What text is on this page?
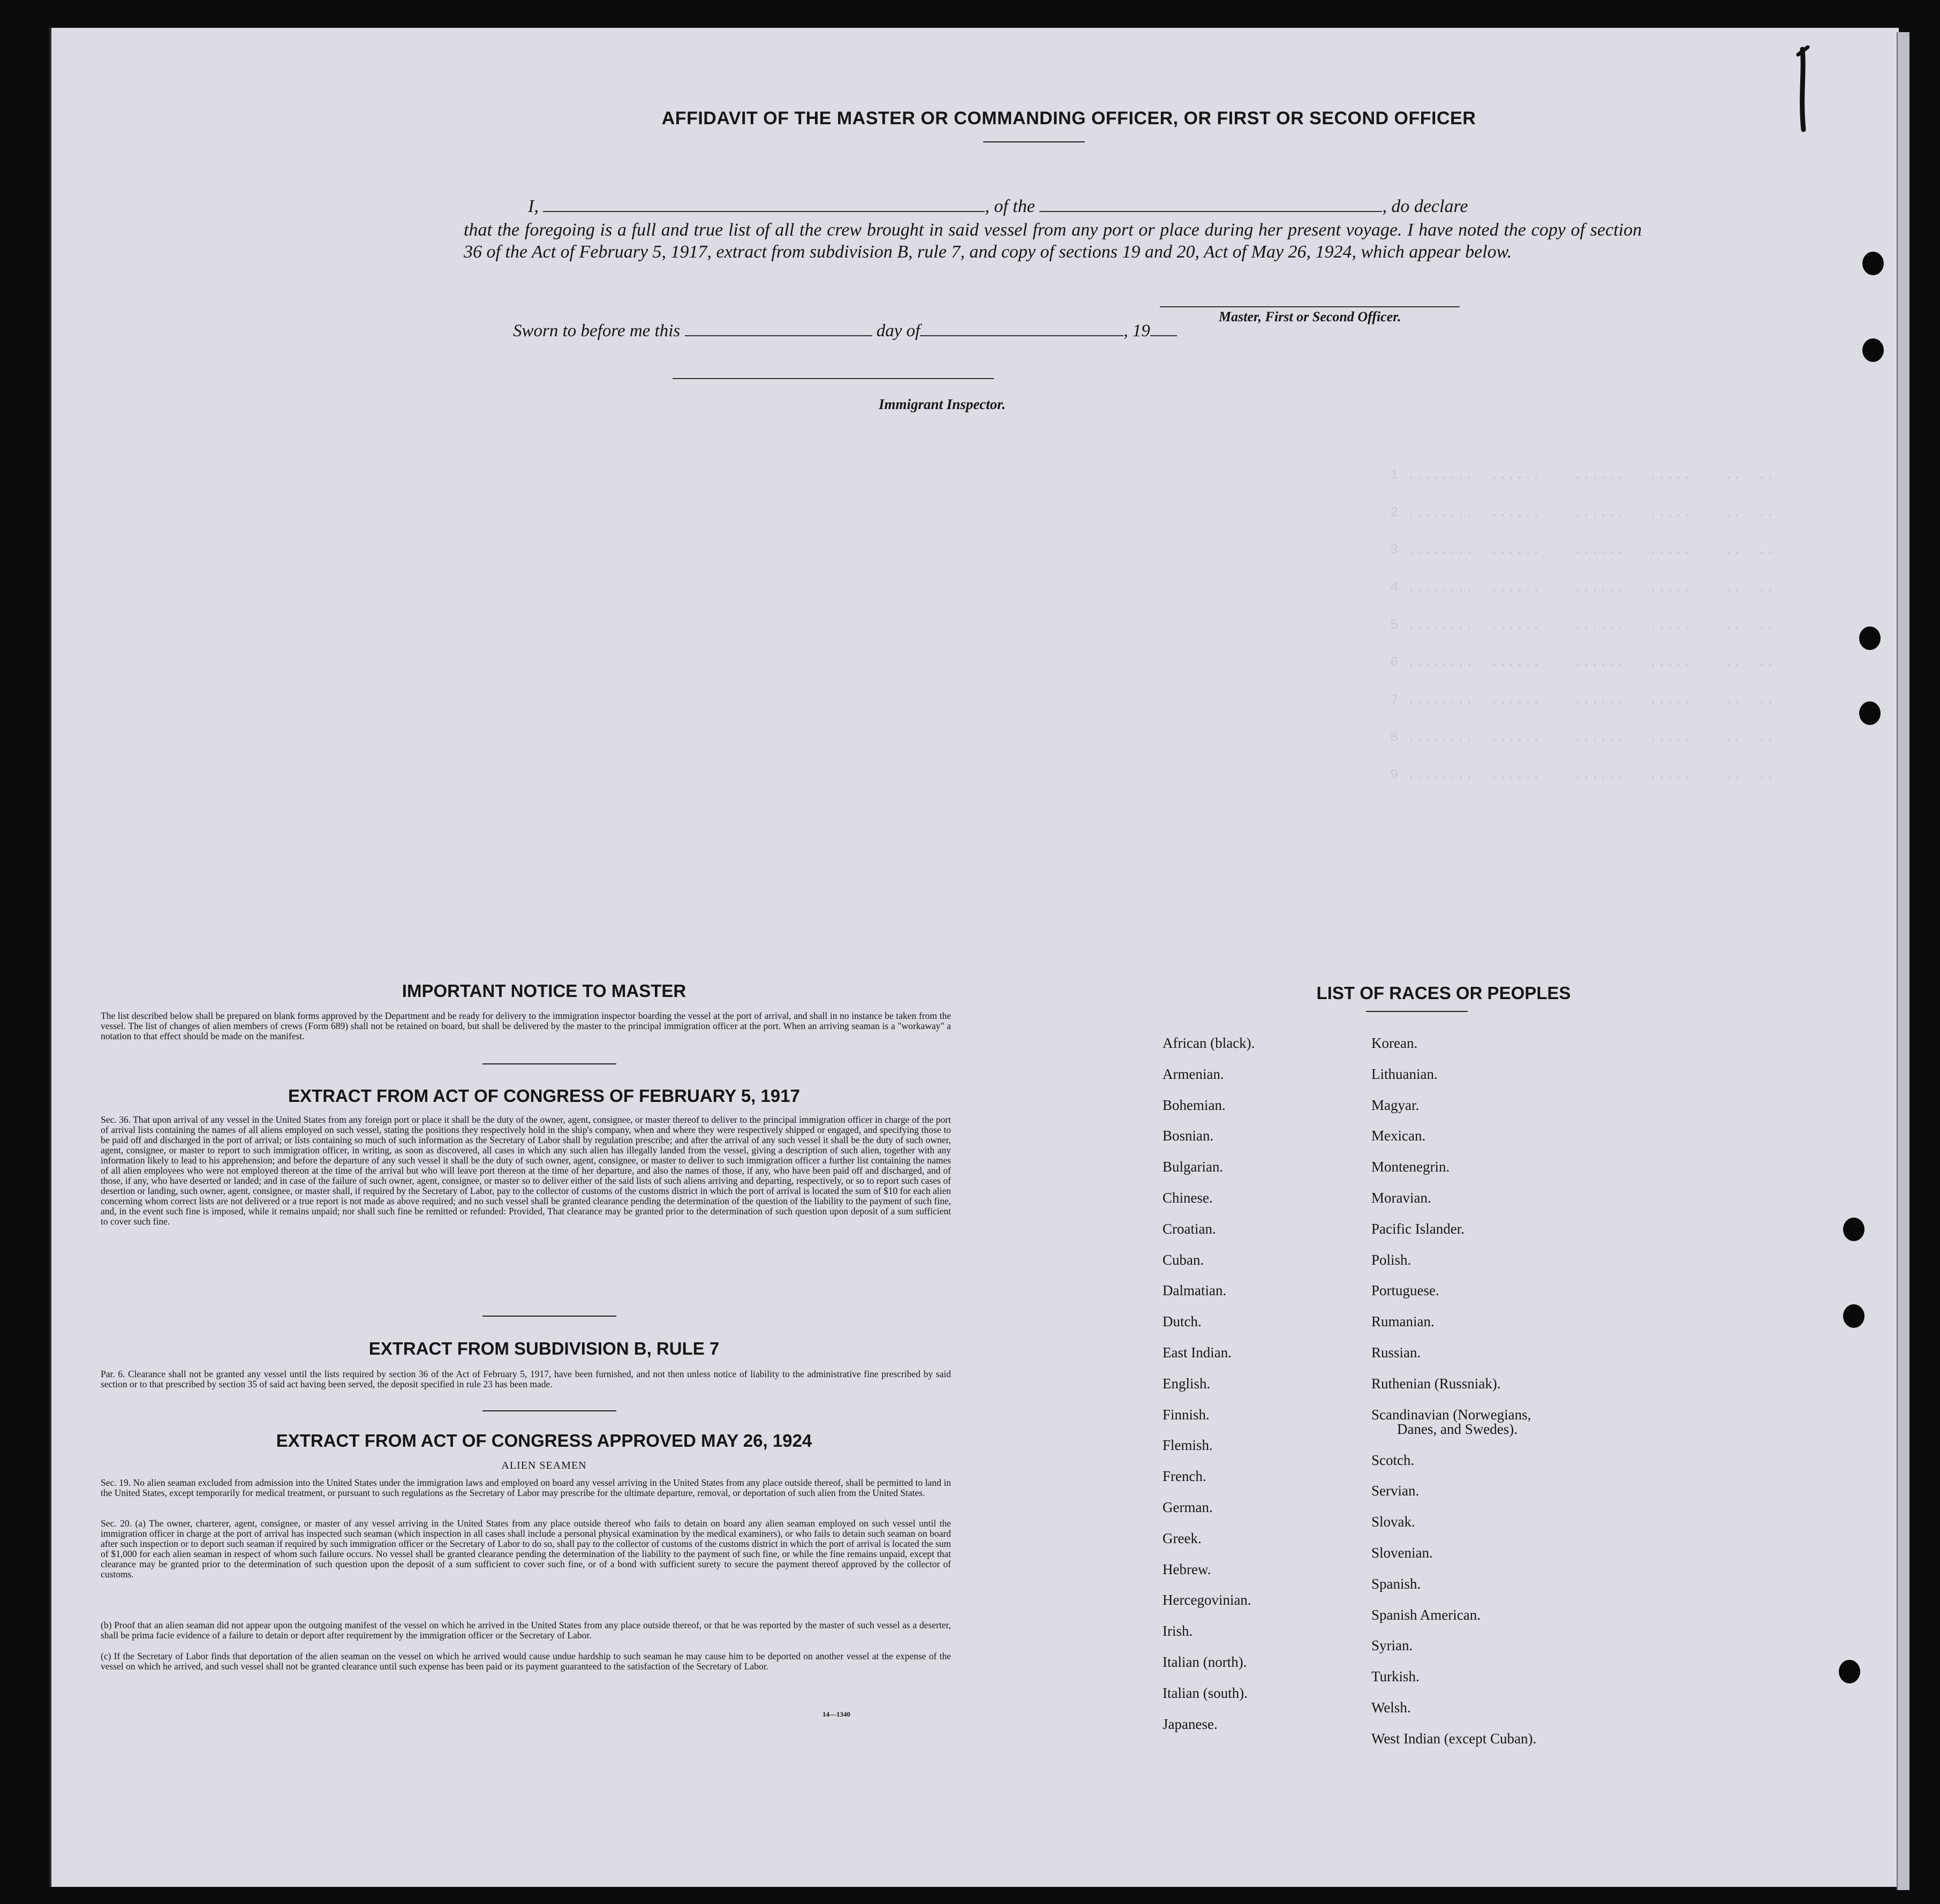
1 ........  ......    ......   .....    ..  ..
2 ........  ......    ......   .....    ..  ..
3 ........  ......    ......   .....    ..  ..
4 ........  ......    ......   .....    ..  ..
5 ........  ......    ......   .....    ..  ..
6 ........  ......    ......   .....    ..  ..
7 ........  ......    ......   .....    ..  ..
8 ........  ......    ......   .....    ..  ..
9 ........  ......    ......   .....    ..  ..
AFFIDAVIT OF THE MASTER OR COMMANDING OFFICER, OR FIRST OR SECOND OFFICER
I,	, of the	, do declare
that the foregoing is a full and true list of all the crew brought in said vessel from any port or place during her present voyage. I have noted the copy of section 36 of the Act of February 5, 1917, extract from subdivision B, rule 7, and copy of sections 19 and 20, Act of May 26, 1924, which appear below.
Master, First or Second Officer.
Sworn to before me this	day of	, 19
Immigrant Inspector.
IMPORTANT NOTICE TO MASTER
The list described below shall be prepared on blank forms approved by the Department and be ready for delivery to the immigration inspector boarding the vessel at the port of arrival, and shall in no instance be taken from the vessel. The list of changes of alien members of crews (Form 689) shall not be retained on board, but shall be delivered by the master to the principal immigration officer at the port. When an arriving seaman is a "workaway" a notation to that effect should be made on the manifest.
EXTRACT FROM ACT OF CONGRESS OF FEBRUARY 5, 1917
Sec. 36. That upon arrival of any vessel in the United States from any foreign port or place it shall be the duty of the owner, agent, consignee, or master thereof to deliver to the principal immigration officer in charge of the port of arrival lists containing the names of all aliens employed on such vessel, stating the positions they respectively hold in the ship's company, when and where they were respectively shipped or engaged, and specifying those to be paid off and discharged in the port of arrival; or lists containing so much of such information as the Secretary of Labor shall by regulation prescribe; and after the arrival of any such vessel it shall be the duty of such owner, agent, consignee, or master to report to such immigration officer, in writing, as soon as discovered, all cases in which any such alien has illegally landed from the vessel, giving a description of such alien, together with any information likely to lead to his apprehension; and before the departure of any such vessel it shall be the duty of such owner, agent, consignee, or master to deliver to such immigration officer a further list containing the names of all alien employees who were not employed thereon at the time of the arrival but who will leave port thereon at the time of her departure, and also the names of those, if any, who have been paid off and discharged, and of those, if any, who have deserted or landed; and in case of the failure of such owner, agent, consignee, or master so to deliver either of the said lists of such aliens arriving and departing, respectively, or so to report such cases of desertion or landing, such owner, agent, consignee, or master shall, if required by the Secretary of Labor, pay to the collector of customs of the customs district in which the port of arrival is located the sum of $10 for each alien concerning whom correct lists are not delivered or a true report is not made as above required; and no such vessel shall be granted clearance pending the determination of the question of the liability to the payment of such fine, and, in the event such fine is imposed, while it remains unpaid; nor shall such fine be remitted or refunded: Provided, That clearance may be granted prior to the determination of such question upon deposit of a sum sufficient to cover such fine.
EXTRACT FROM SUBDIVISION B, RULE 7
Par. 6. Clearance shall not be granted any vessel until the lists required by section 36 of the Act of February 5, 1917, have been furnished, and not then unless notice of liability to the administrative fine prescribed by said section or to that prescribed by section 35 of said act having been served, the deposit specified in rule 23 has been made.
EXTRACT FROM ACT OF CONGRESS APPROVED MAY 26, 1924
ALIEN SEAMEN
Sec. 19. No alien seaman excluded from admission into the United States under the immigration laws and employed on board any vessel arriving in the United States from any place outside thereof, shall be permitted to land in the United States, except temporarily for medical treatment, or pursuant to such regulations as the Secretary of Labor may prescribe for the ultimate departure, removal, or deportation of such alien from the United States.
Sec. 20. (a) The owner, charterer, agent, consignee, or master of any vessel arriving in the United States from any place outside thereof who fails to detain on board any alien seaman employed on such vessel until the immigration officer in charge at the port of arrival has inspected such seaman (which inspection in all cases shall include a personal physical examination by the medical examiners), or who fails to detain such seaman on board after such inspection or to deport such seaman if required by such immigration officer or the Secretary of Labor to do so, shall pay to the collector of customs of the customs district in which the port of arrival is located the sum of $1,000 for each alien seaman in respect of whom such failure occurs. No vessel shall be granted clearance pending the determination of the liability to the payment of such fine, or while the fine remains unpaid, except that clearance may be granted prior to the determination of such question upon the deposit of a sum sufficient to cover such fine, or of a bond with sufficient surety to secure the payment thereof approved by the collector of customs.
(b) Proof that an alien seaman did not appear upon the outgoing manifest of the vessel on which he arrived in the United States from any place outside thereof, or that he was reported by the master of such vessel as a deserter, shall be prima facie evidence of a failure to detain or deport after requirement by the immigration officer or the Secretary of Labor.
(c) If the Secretary of Labor finds that deportation of the alien seaman on the vessel on which he arrived would cause undue hardship to such seaman he may cause him to be deported on another vessel at the expense of the vessel on which he arrived, and such vessel shall not be granted clearance until such expense has been paid or its payment guaranteed to the satisfaction of the Secretary of Labor.
14—1340
LIST OF RACES OR PEOPLES
African (black).
Armenian.
Bohemian.
Bosnian.
Bulgarian.
Chinese.
Croatian.
Cuban.
Dalmatian.
Dutch.
East Indian.
English.
Finnish.
Flemish.
French.
German.
Greek.
Hebrew.
Hercegovinian.
Irish.
Italian (north).
Italian (south).
Japanese.
Korean.
Lithuanian.
Magyar.
Mexican.
Montenegrin.
Moravian.
Pacific Islander.
Polish.
Portuguese.
Rumanian.
Russian.
Ruthenian (Russniak).
Scandinavian (Norwegians,
Danes, and Swedes).
Scotch.
Servian.
Slovak.
Slovenian.
Spanish.
Spanish American.
Syrian.
Turkish.
Welsh.
West Indian (except Cuban).
